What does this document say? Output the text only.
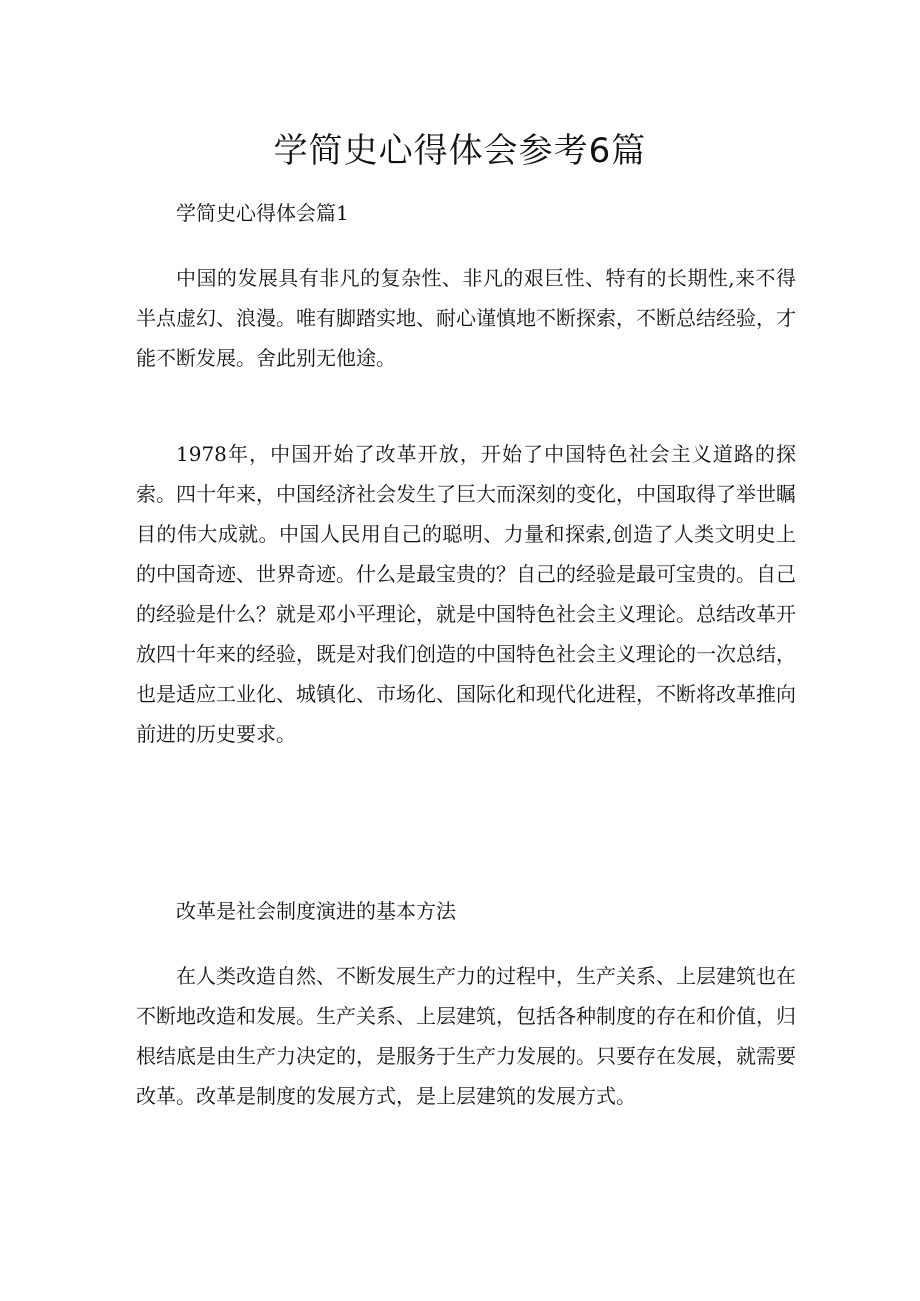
学简史心得体会参考6篇

学简史心得体会篇1

中国的发展具有非凡的复杂性、非凡的艰巨性、特有的长期性,来不得半点虚幻、浪漫。唯有脚踏实地、耐心谨慎地不断探索，不断总结经验，才能不断发展。舍此别无他途。

1978年，中国开始了改革开放，开始了中国特色社会主义道路的探索。四十年来，中国经济社会发生了巨大而深刻的变化，中国取得了举世瞩目的伟大成就。中国人民用自己的聪明、力量和探索,创造了人类文明史上的中国奇迹、世界奇迹。什么是最宝贵的？自己的经验是最可宝贵的。自己的经验是什么？就是邓小平理论，就是中国特色社会主义理论。总结改革开放四十年来的经验，既是对我们创造的中国特色社会主义理论的一次总结，也是适应工业化、城镇化、市场化、国际化和现代化进程，不断将改革推向前进的历史要求。

改革是社会制度演进的基本方法

在人类改造自然、不断发展生产力的过程中，生产关系、上层建筑也在不断地改造和发展。生产关系、上层建筑，包括各种制度的存在和价值，归根结底是由生产力决定的，是服务于生产力发展的。只要存在发展，就需要改革。改革是制度的发展方式，是上层建筑的发展方式。
